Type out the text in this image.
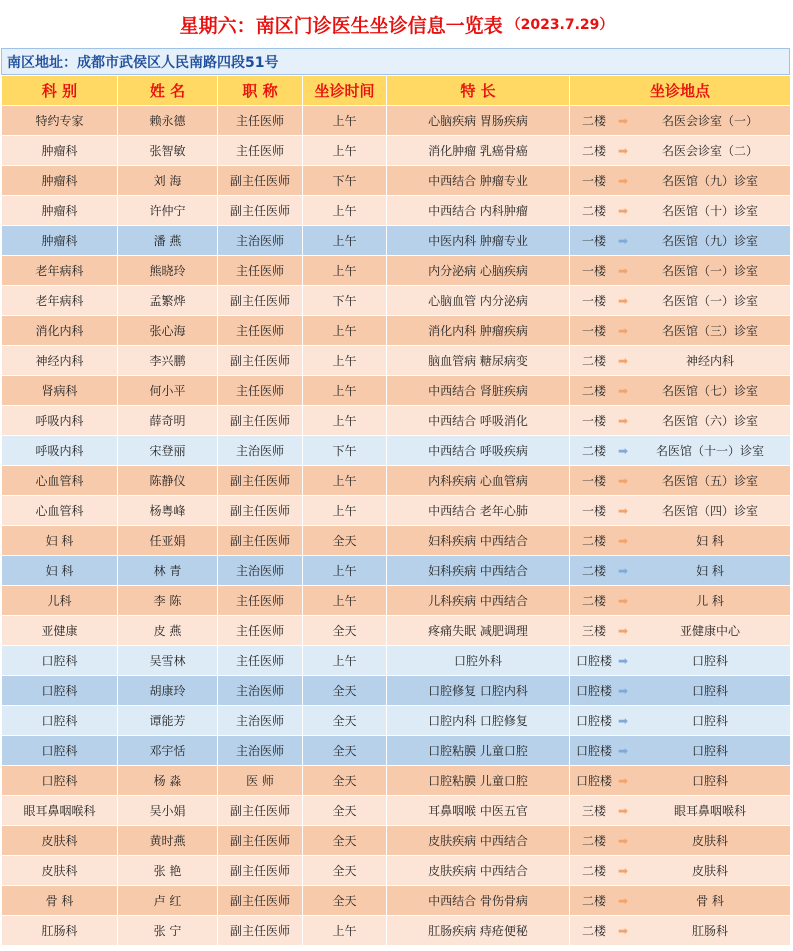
星期六：南区门诊医生坐诊信息一览表 （2023.7.29）
南区地址：成都市武侯区人民南路四段51号
科 别	姓 名	职 称	坐诊时间	特 长	坐诊地点
特约专家	赖永德	主任医师	上午	心脑疾病 胃肠疾病	二楼 ➡ 名医会诊室（一）

肿瘤科	张智敏	主任医师	上午	消化肿瘤 乳癌骨癌	二楼 ➡ 名医会诊室（二）

肿瘤科	刘 海	副主任医师	下午	中西结合 肿瘤专业	一楼 ➡ 名医馆（九）诊室

肿瘤科	许仲宁	副主任医师	上午	中西结合 内科肿瘤	二楼 ➡ 名医馆（十）诊室

肿瘤科	潘 燕	主治医师	上午	中医内科 肿瘤专业	一楼 ➡ 名医馆（九）诊室

老年病科	熊晓玲	主任医师	上午	内分泌病 心脑疾病	一楼 ➡ 名医馆（一）诊室

老年病科	孟繁烨	副主任医师	下午	心脑血管 内分泌病	一楼 ➡ 名医馆（一）诊室

消化内科	张心海	主任医师	上午	消化内科 肿瘤疾病	一楼 ➡ 名医馆（三）诊室

神经内科	李兴鹏	副主任医师	上午	脑血管病 糖尿病变	二楼 ➡ 神经内科

肾病科	何小平	主任医师	上午	中西结合 肾脏疾病	二楼 ➡ 名医馆（七）诊室

呼吸内科	薛奇明	副主任医师	上午	中西结合 呼吸消化	一楼 ➡ 名医馆（六）诊室

呼吸内科	宋登丽	主治医师	下午	中西结合 呼吸疾病	二楼 ➡ 名医馆（十一）诊室

心血管科	陈静仪	副主任医师	上午	内科疾病 心血管病	一楼 ➡ 名医馆（五）诊室

心血管科	杨粤峰	副主任医师	上午	中西结合 老年心肺	一楼 ➡ 名医馆（四）诊室

妇 科	任亚娟	副主任医师	全天	妇科疾病 中西结合	二楼 ➡ 妇 科

妇 科	林 青	主治医师	上午	妇科疾病 中西结合	二楼 ➡ 妇 科

儿科	李 陈	主任医师	上午	儿科疾病 中西结合	二楼 ➡ 儿 科

亚健康	皮 燕	主任医师	全天	疼痛失眠 减肥调理	三楼 ➡ 亚健康中心

口腔科	吴雪林	主任医师	上午	口腔外科	口腔楼 ➡ 口腔科

口腔科	胡康玲	主治医师	全天	口腔修复 口腔内科	口腔楼 ➡ 口腔科

口腔科	谭能芳	主治医师	全天	口腔内科 口腔修复	口腔楼 ➡ 口腔科

口腔科	邓宇恬	主治医师	全天	口腔粘膜 儿童口腔	口腔楼 ➡ 口腔科

口腔科	杨 淼	医 师	全天	口腔粘膜 儿童口腔	口腔楼 ➡ 口腔科

眼耳鼻咽喉科	吴小娟	副主任医师	全天	耳鼻咽喉 中医五官	三楼 ➡ 眼耳鼻咽喉科

皮肤科	黄时燕	副主任医师	全天	皮肤疾病 中西结合	二楼 ➡ 皮肤科

皮肤科	张 艳	副主任医师	全天	皮肤疾病 中西结合	二楼 ➡ 皮肤科

骨 科	卢 红	副主任医师	全天	中西结合 骨伤骨病	二楼 ➡ 骨 科

肛肠科	张 宁	副主任医师	上午	肛肠疾病 痔疮便秘	二楼 ➡ 肛肠科
